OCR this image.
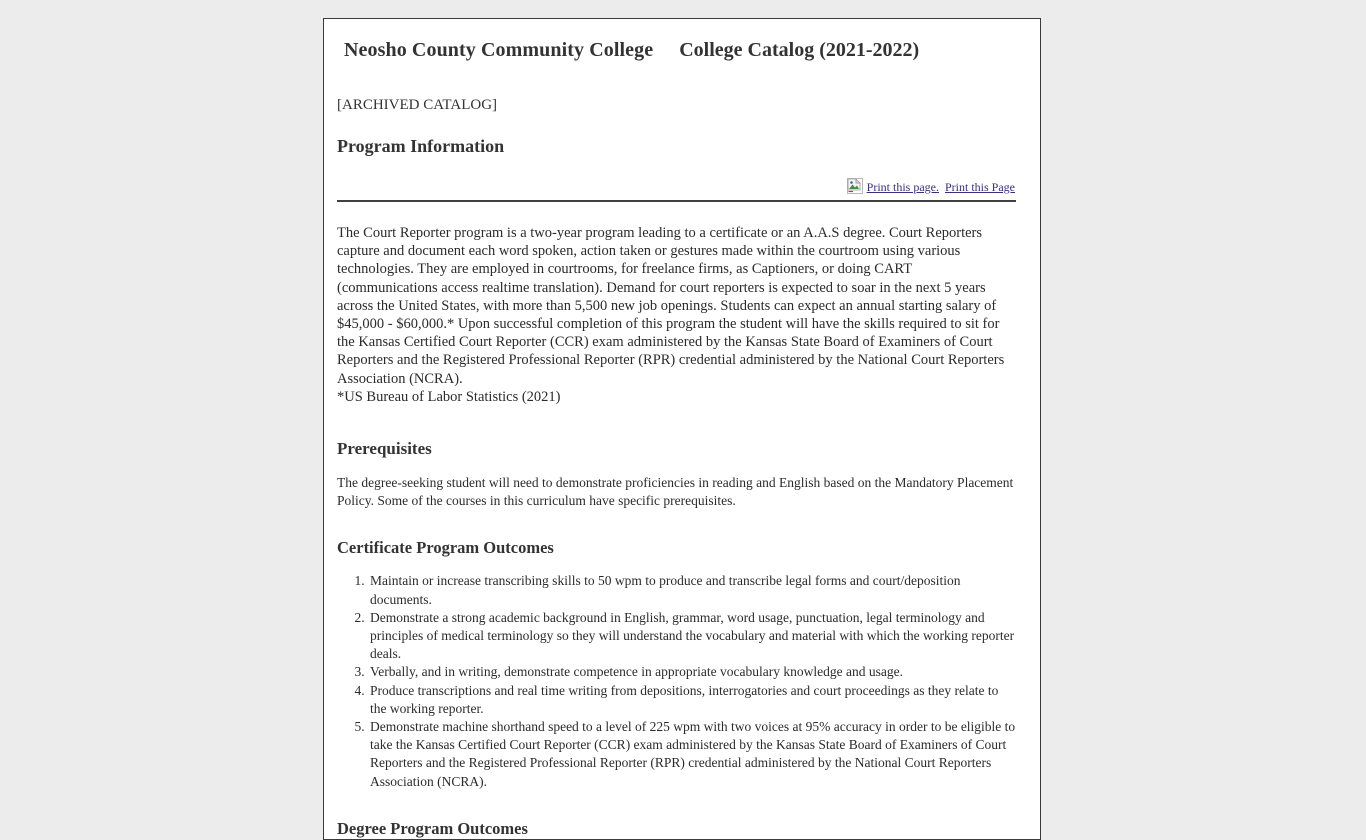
Neosho County Community College	College Catalog (2021-2022)
[ARCHIVED CATALOG]
Program Information
Print this page. Print this Page

The Court Reporter program is a two-year program leading to a certificate or an A.A.S degree. Court Reporters capture and document each word spoken, action taken or gestures made within the courtroom using various technologies. They are employed in courtrooms, for freelance firms, as Captioners, or doing CART (communications access realtime translation). Demand for court reporters is expected to soar in the next 5 years across the United States, with more than 5,500 new job openings. Students can expect an annual starting salary of $45,000 - $60,000.* Upon successful completion of this program the student will have the skills required to sit for the Kansas Certified Court Reporter (CCR) exam administered by the Kansas State Board of Examiners of Court Reporters and the Registered Professional Reporter (RPR) credential administered by the National Court Reporters Association (NCRA).

*US Bureau of Labor Statistics (2021)

Prerequisites

The degree-seeking student will need to demonstrate proficiencies in reading and English based on the Mandatory Placement Policy. Some of the courses in this curriculum have specific prerequisites.

Certificate Program Outcomes
1. Maintain or increase transcribing skills to 50 wpm to produce and transcribe legal forms and court/deposition documents.
2. Demonstrate a strong academic background in English, grammar, word usage, punctuation, legal terminology and principles of medical terminology so they will understand the vocabulary and material with which the working reporter deals.
3. Verbally, and in writing, demonstrate competence in appropriate vocabulary knowledge and usage.
4. Produce transcriptions and real time writing from depositions, interrogatories and court proceedings as they relate to the working reporter.
5. Demonstrate machine shorthand speed to a level of 225 wpm with two voices at 95% accuracy in order to be eligible to take the Kansas Certified Court Reporter (CCR) exam administered by the Kansas State Board of Examiners of Court Reporters and the Registered Professional Reporter (RPR) credential administered by the National Court Reporters Association (NCRA).
Degree Program Outcomes
